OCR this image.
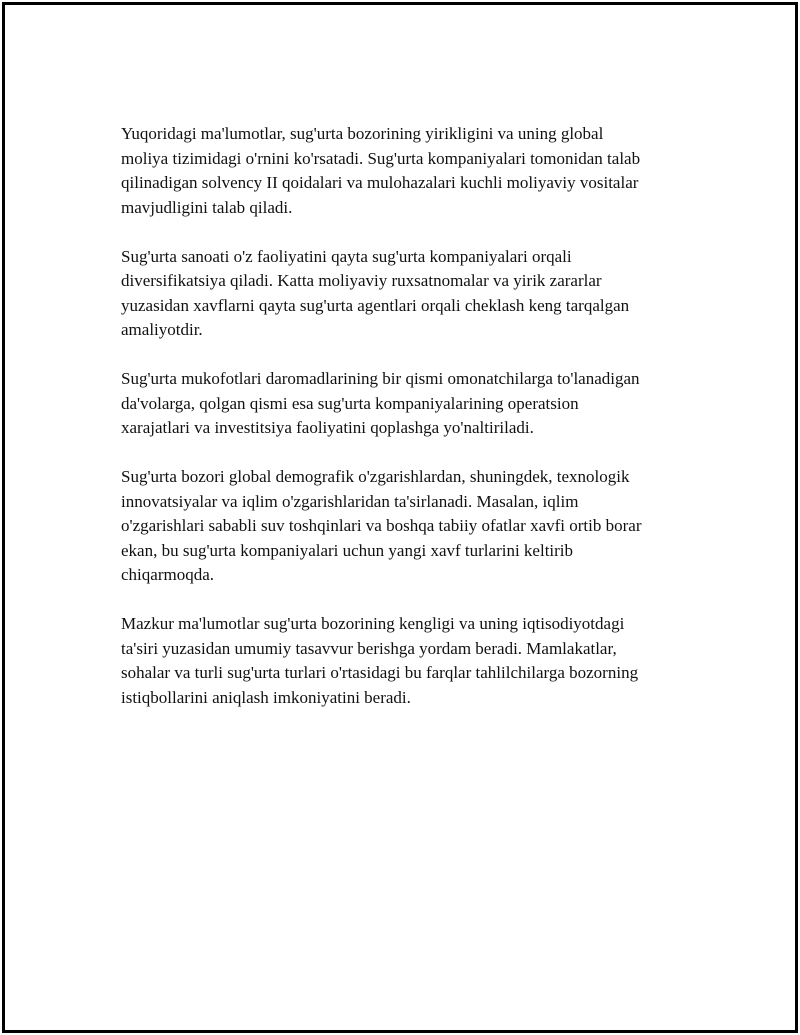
Yuqoridagi ma'lumotlar, sug'urta bozorining yirikligini va uning global
moliya tizimidagi o'rnini ko'rsatadi. Sug'urta kompaniyalari tomonidan talab
qilinadigan solvency II qoidalari va mulohazalari kuchli moliyaviy vositalar
mavjudligini talab qiladi.

Sug'urta sanoati o'z faoliyatini qayta sug'urta kompaniyalari orqali
diversifikatsiya qiladi. Katta moliyaviy ruxsatnomalar va yirik zararlar
yuzasidan xavflarni qayta sug'urta agentlari orqali cheklash keng tarqalgan
amaliyotdir.

Sug'urta mukofotlari daromadlarining bir qismi omonatchilarga to'lanadigan
da'volarga, qolgan qismi esa sug'urta kompaniyalarining operatsion
xarajatlari va investitsiya faoliyatini qoplashga yo'naltiriladi.

Sug'urta bozori global demografik o'zgarishlardan, shuningdek, texnologik
innovatsiyalar va iqlim o'zgarishlaridan ta'sirlanadi. Masalan, iqlim
o'zgarishlari sababli suv toshqinlari va boshqa tabiiy ofatlar xavfi ortib borar
ekan, bu sug'urta kompaniyalari uchun yangi xavf turlarini keltirib
chiqarmoqda.

Mazkur ma'lumotlar sug'urta bozorining kengligi va uning iqtisodiyotdagi
ta'siri yuzasidan umumiy tasavvur berishga yordam beradi. Mamlakatlar,
sohalar va turli sug'urta turlari o'rtasidagi bu farqlar tahlilchilarga bozorning
istiqbollarini aniqlash imkoniyatini beradi.
